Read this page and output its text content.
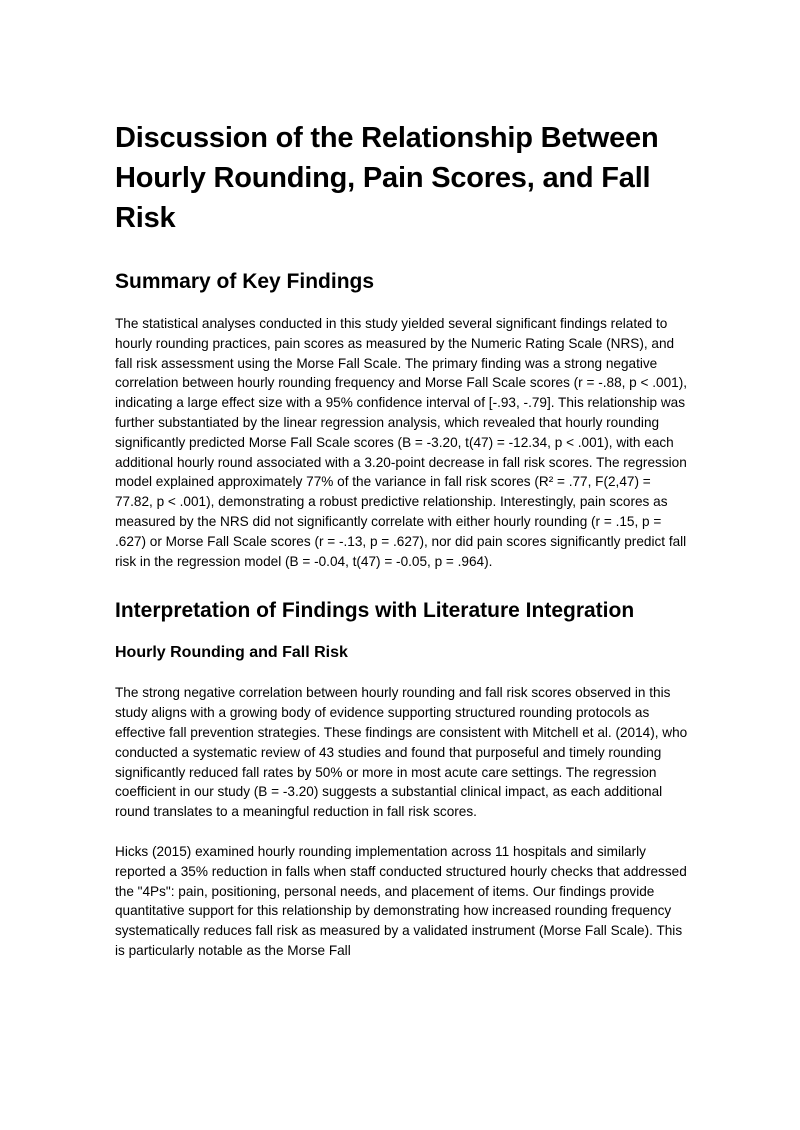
Discussion of the Relationship Between Hourly Rounding, Pain Scores, and Fall Risk
Summary of Key Findings

The statistical analyses conducted in this study yielded several significant findings related to hourly rounding practices, pain scores as measured by the Numeric Rating Scale (NRS), and fall risk assessment using the Morse Fall Scale. The primary finding was a strong negative correlation between hourly rounding frequency and Morse Fall Scale scores (r = -.88, p < .001), indicating a large effect size with a 95% confidence interval of [-.93, -.79]. This relationship was further substantiated by the linear regression analysis, which revealed that hourly rounding significantly predicted Morse Fall Scale scores (B = -3.20, t(47) = -12.34, p < .001), with each additional hourly round associated with a 3.20-point decrease in fall risk scores. The regression model explained approximately 77% of the variance in fall risk scores (R² = .77, F(2,47) = 77.82, p < .001), demonstrating a robust predictive relationship. Interestingly, pain scores as measured by the NRS did not significantly correlate with either hourly rounding (r = .15, p = .627) or Morse Fall Scale scores (r = -.13, p = .627), nor did pain scores significantly predict fall risk in the regression model (B = -0.04, t(47) = -0.05, p = .964).

Interpretation of Findings with Literature Integration
Hourly Rounding and Fall Risk

The strong negative correlation between hourly rounding and fall risk scores observed in this study aligns with a growing body of evidence supporting structured rounding protocols as effective fall prevention strategies. These findings are consistent with Mitchell et al. (2014), who conducted a systematic review of 43 studies and found that purposeful and timely rounding significantly reduced fall rates by 50% or more in most acute care settings. The regression coefficient in our study (B = -3.20) suggests a substantial clinical impact, as each additional round translates to a meaningful reduction in fall risk scores.

Hicks (2015) examined hourly rounding implementation across 11 hospitals and similarly reported a 35% reduction in falls when staff conducted structured hourly checks that addressed the "4Ps": pain, positioning, personal needs, and placement of items. Our findings provide quantitative support for this relationship by demonstrating how increased rounding frequency systematically reduces fall risk as measured by a validated instrument (Morse Fall Scale). This is particularly notable as the Morse Fall
